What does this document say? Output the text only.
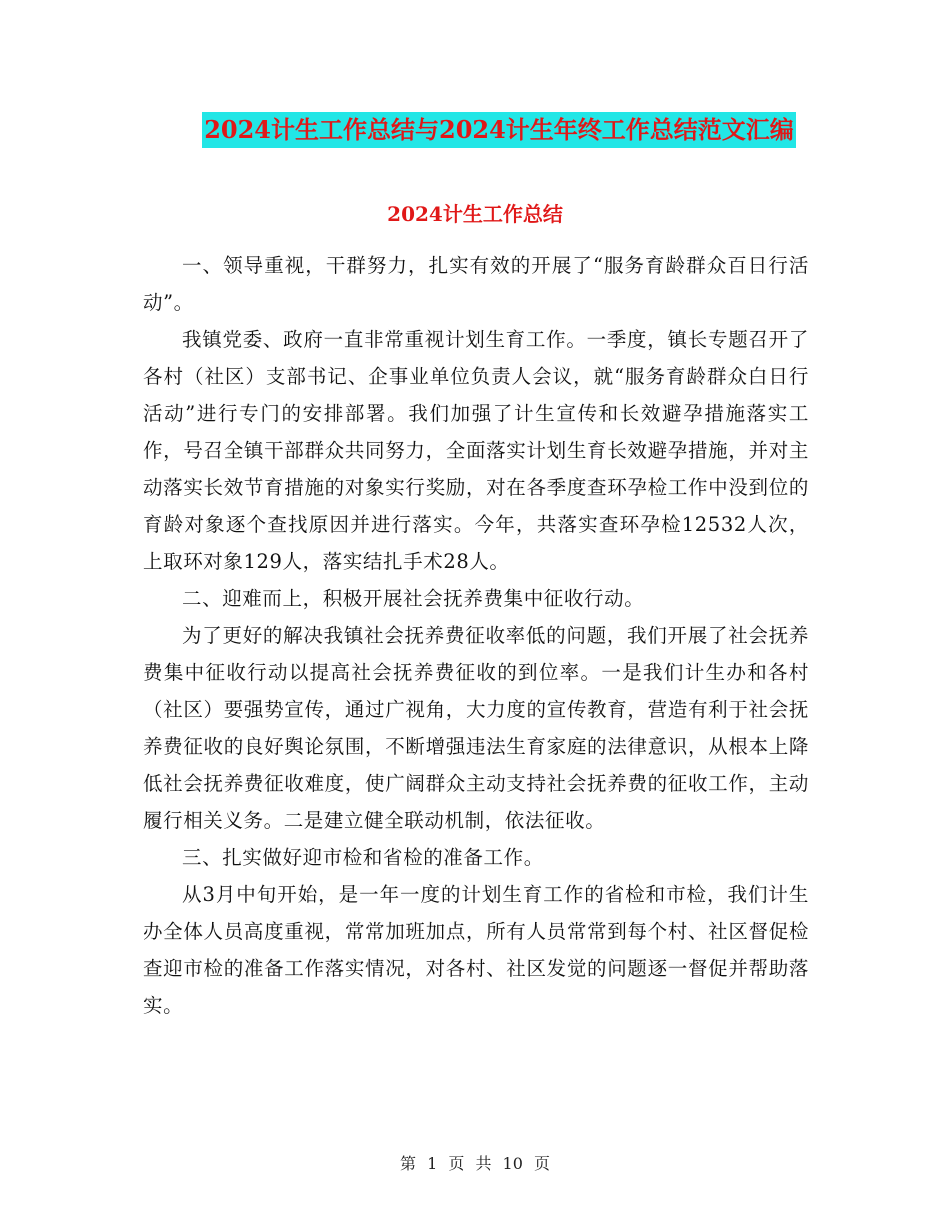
2024计生工作总结与2024计生年终工作总结范文汇编
2024计生工作总结

一、领导重视，干群努力，扎实有效的开展了“服务育龄群众百日行活动”。

我镇党委、政府一直非常重视计划生育工作。一季度，镇长专题召开了各村（社区）支部书记、企事业单位负责人会议，就“服务育龄群众白日行活动”进行专门的安排部署。我们加强了计生宣传和长效避孕措施落实工作，号召全镇干部群众共同努力，全面落实计划生育长效避孕措施，并对主动落实长效节育措施的对象实行奖励，对在各季度查环孕检工作中没到位的育龄对象逐个查找原因并进行落实。今年，共落实查环孕检12532人次，上取环对象129人，落实结扎手术28人。

二、迎难而上，积极开展社会抚养费集中征收行动。

为了更好的解决我镇社会抚养费征收率低的问题，我们开展了社会抚养费集中征收行动以提高社会抚养费征收的到位率。一是我们计生办和各村（社区）要强势宣传，通过广视角，大力度的宣传教育，营造有利于社会抚养费征收的良好舆论氛围，不断增强违法生育家庭的法律意识，从根本上降低社会抚养费征收难度，使广阔群众主动支持社会抚养费的征收工作，主动履行相关义务。二是建立健全联动机制，依法征收。

三、扎实做好迎市检和省检的准备工作。

从3月中旬开始，是一年一度的计划生育工作的省检和市检，我们计生办全体人员高度重视，常常加班加点，所有人员常常到每个村、社区督促检查迎市检的准备工作落实情况，对各村、社区发觉的问题逐一督促并帮助落实。

第 1 页 共 10 页
